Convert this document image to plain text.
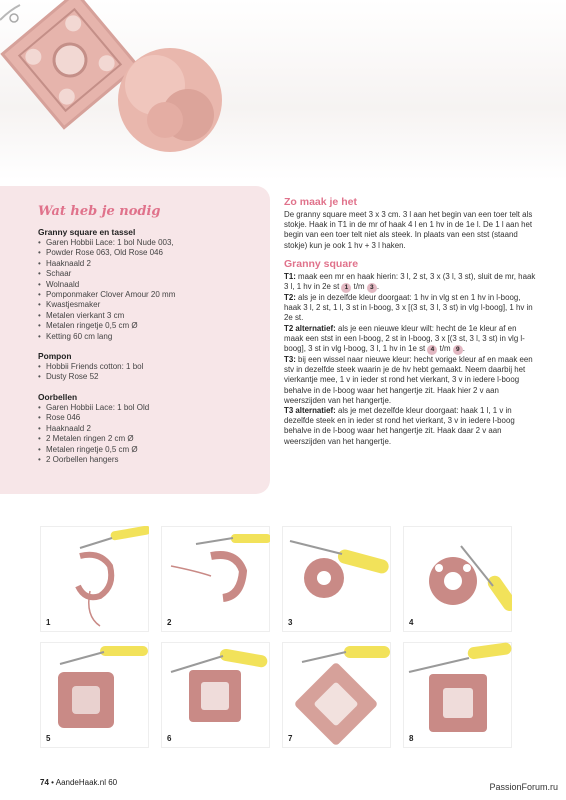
Wat heb je nodig
Granny square en tassel
• Garen Hobbii Lace: 1 bol Nude 003,
• Powder Rose 063, Old Rose 046
• Haaknaald 2
• Schaar
• Wolnaald
• Pomponmaker Clover Amour 20 mm
• Kwastjesmaker
• Metalen vierkant 3 cm
• Metalen ringetje 0,5 cm Ø
• Ketting 60 cm lang
Pompon
• Hobbii Friends cotton: 1 bol
• Dusty Rose 52
Oorbellen
• Garen Hobbii Lace: 1 bol Old
• Rose 046
• Haaknaald 2
• 2 Metalen ringen 2 cm Ø
• Metalen ringetje 0,5 cm Ø
• 2 Oorbellen hangers
Zo maak je het

De granny square meet 3 x 3 cm. 3 l aan het begin van een toer telt als stokje. Haak in T1 in de mr of haak 4 l en 1 hv in de 1e l. De 1 l aan het begin van een toer telt niet als steek. In plaats van een stst (staand stokje) kun je ook 1 hv + 3 l haken.

Granny square

T1: maak een mr en haak hierin: 3 l, 2 st, 3 x (3 l, 3 st), sluit de mr, haak 3 l, 1 hv in 2e st 1 t/m 3 .

T2: als je in dezelfde kleur doorgaat: 1 hv in vlg st en 1 hv in l-boog, haak 3 l, 2 st, 1 l, 3 st in l-boog, 3 x [(3 st, 3 l, 3 st) in vlg l-boog], 1 hv in 2e st.

T2 alternatief: als je een nieuwe kleur wilt: hecht de 1e kleur af en maak een stst in een l-boog, 2 st in l-boog, 3 x [(3 st, 3 l, 3 st) in vlg l-boog], 3 st in vlg l-boog, 3 l, 1 hv in 1e st 4 t/m 9 .

T3: bij een wissel naar nieuwe kleur: hecht vorige kleur af en maak een stv in dezelfde steek waarin je de hv hebt gemaakt. Neem daarbij het vierkantje mee, 1 v in ieder st rond het vierkant, 3 v in iedere l-boog behalve in de l-boog waar het hangertje zit. Haak hier 2 v aan weerszijden van het hangertje.

T3 alternatief: als je met dezelfde kleur doorgaat: haak 1 l, 1 v in dezelfde steek en in ieder st rond het vierkant, 3 v in iedere l-boog behalve in de l-boog waar het hangertje zit. Haak daar 2 v aan weerszijden van het hangertje.

1	2	3	4
5	6	7	8
74 • AandeHaak.nl 60	PassionForum.ru
